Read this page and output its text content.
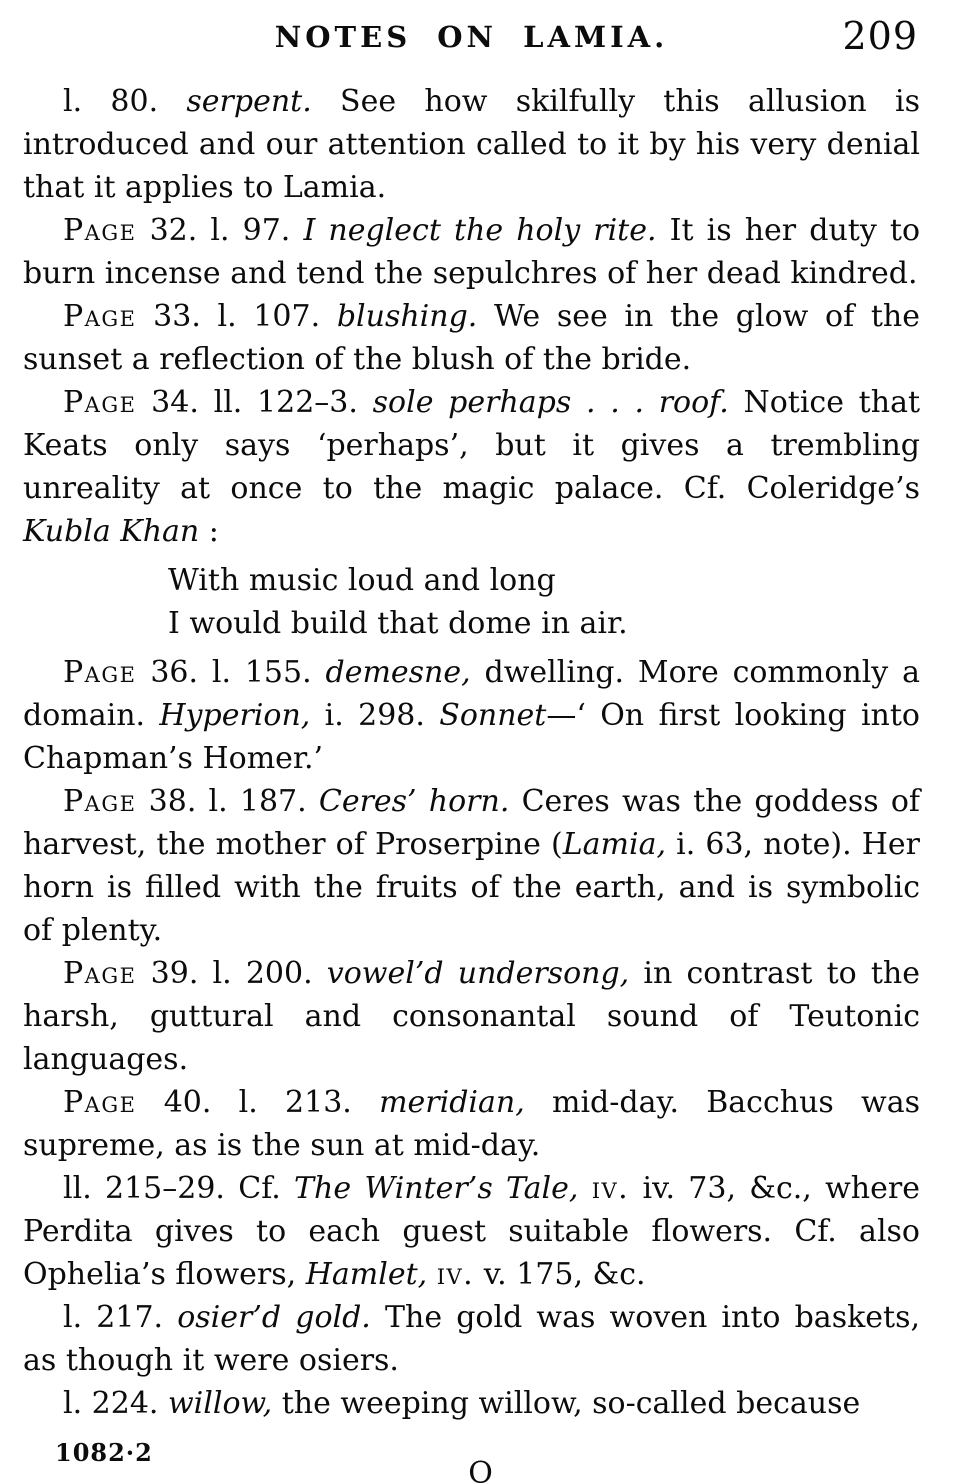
NOTES ON LAMIA.	209

l. 80. serpent. See how skilfully this allusion is introduced and our attention called to it by his very denial that it applies to Lamia.

Page 32. l. 97. I neglect the holy rite. It is her duty to burn incense and tend the sepulchres of her dead kindred.

Page 33. l. 107. blushing. We see in the glow of the sunset a reflection of the blush of the bride.

Page 34. ll. 122–3. sole perhaps . . . roof. Notice that Keats only says ‘perhaps’, but it gives a trembling unreality at once to the magic palace. Cf. Coleridge’s Kubla Khan :

With music loud and long

I would build that dome in air.

Page 36. l. 155. demesne, dwelling. More commonly a domain. Hyperion, i. 298. Sonnet—‘ On first looking into Chapman’s Homer.’

Page 38. l. 187. Ceres’ horn. Ceres was the goddess of harvest, the mother of Proserpine (Lamia, i. 63, note). Her horn is filled with the fruits of the earth, and is symbolic of plenty.

Page 39. l. 200. vowel’d undersong, in contrast to the harsh, guttural and consonantal sound of Teutonic languages.

Page 40. l. 213. meridian, mid-day. Bacchus was supreme, as is the sun at mid-day.

ll. 215–29. Cf. The Winter’s Tale, iv. iv. 73, &c., where Perdita gives to each guest suitable flowers. Cf. also Ophelia’s flowers, Hamlet, iv. v. 175, &c.

l. 217. osier’d gold. The gold was woven into baskets, as though it were osiers.

l. 224. willow, the weeping willow, so-called because

1082·2
O
